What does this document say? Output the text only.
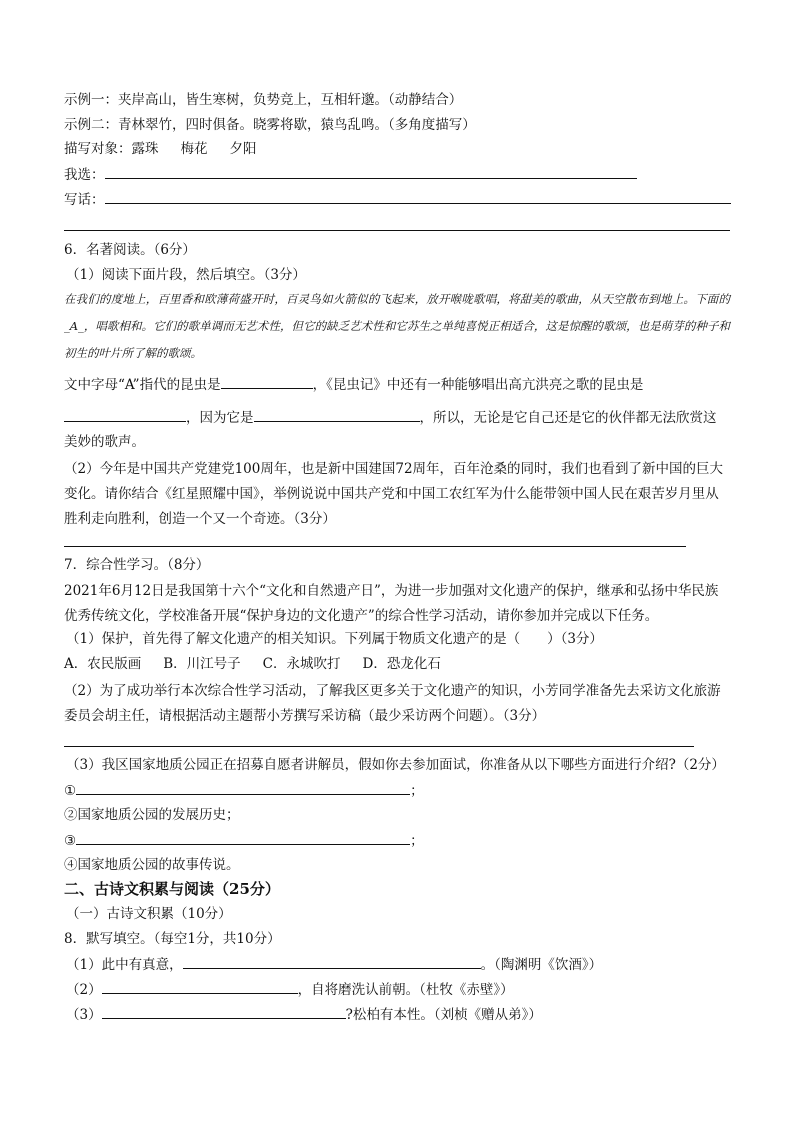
示例一：夹岸高山，皆生寒树，负势竞上，互相轩邈。（动静结合）
示例二：青林翠竹，四时俱备。晓雾将歇，猿鸟乱鸣。（多角度描写）
描写对象：露珠 梅花 夕阳
我选：
写话：
6．名著阅读。（6分）
（1）阅读下面片段，然后填空。（3分）
在我们的度地上，百里香和欧薄荷盛开时，百灵鸟如火箭似的飞起来，放开喉咙歌唱，将甜美的歌曲，从天空散布到地上。下面的_A_，唱歌相和。它们的歌单调而无艺术性，但它的缺乏艺术性和它苏生之单纯喜悦正相适合，这是惊醒的歌颂，也是萌芽的种子和初生的叶片所了解的歌颂。
文中字母“A”指代的昆虫是	，《昆虫记》中还有一种能够唱出高亢洪亮之歌的昆虫是
，因为它是	，所以，无论是它自己还是它的伙伴都无法欣赏这
美妙的歌声。
（2）今年是中国共产党建党100周年，也是新中国建国72周年，百年沧桑的同时，我们也看到了新中国的巨大变化。请你结合《红星照耀中国》，举例说说中国共产党和中国工农红军为什么能带领中国人民在艰苦岁月里从胜利走向胜利，创造一个又一个奇迹。（3分）
7．综合性学习。（8分）
2021年6月12日是我国第十六个“文化和自然遗产日”，为进一步加强对文化遗产的保护，继承和弘扬中华民族优秀传统文化，学校准备开展“保护身边的文化遗产”的综合性学习活动，请你参加并完成以下任务。
（1）保护，首先得了解文化遗产的相关知识。下列属于物质文化遗产的是（　　）（3分）
A．农民版画 B．川江号子 C．永城吹打 D．恐龙化石
（2）为了成功举行本次综合性学习活动，了解我区更多关于文化遗产的知识，小芳同学准备先去采访文化旅游委员会胡主任，请根据活动主题帮小芳撰写采访稿（最少采访两个问题）。（3分）
（3）我区国家地质公园正在招募自愿者讲解员，假如你去参加面试，你准备从以下哪些方面进行介绍?（2分）
①	；
②国家地质公园的发展历史；
③	；
④国家地质公园的故事传说。
二、古诗文积累与阅读（25分）
（一）古诗文积累（10分）
8．默写填空。（每空1分，共10分）
（1）此中有真意，	。（陶渊明《饮酒》）
（2）	，自将磨洗认前朝。（杜牧《赤壁》）
（3）	?松柏有本性。（刘桢《赠从弟》）
